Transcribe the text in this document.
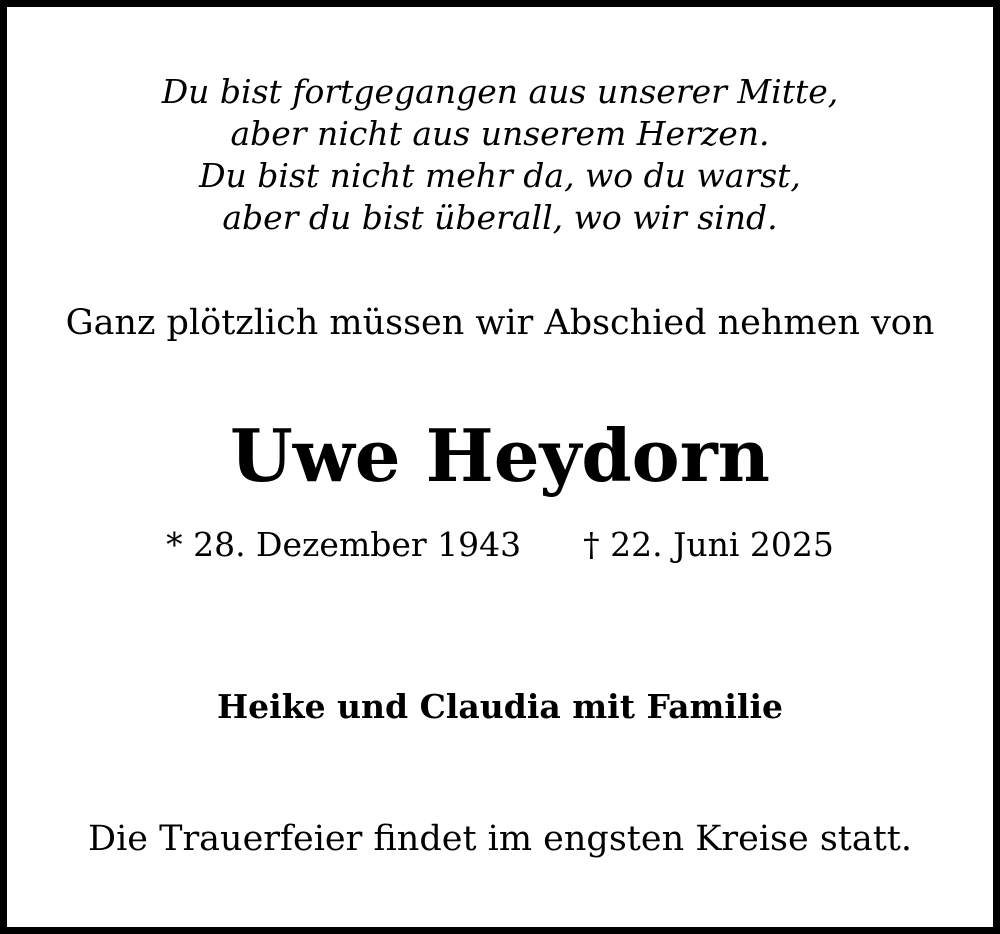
Du bist fortgegangen aus unserer Mitte,
aber nicht aus unserem Herzen.
Du bist nicht mehr da, wo du warst,
aber du bist überall, wo wir sind.
Ganz plötzlich müssen wir Abschied nehmen von
Uwe Heydorn
* 28. Dezember 1943 † 22. Juni 2025
Heike und Claudia mit Familie
Die Trauerfeier findet im engsten Kreise statt.
